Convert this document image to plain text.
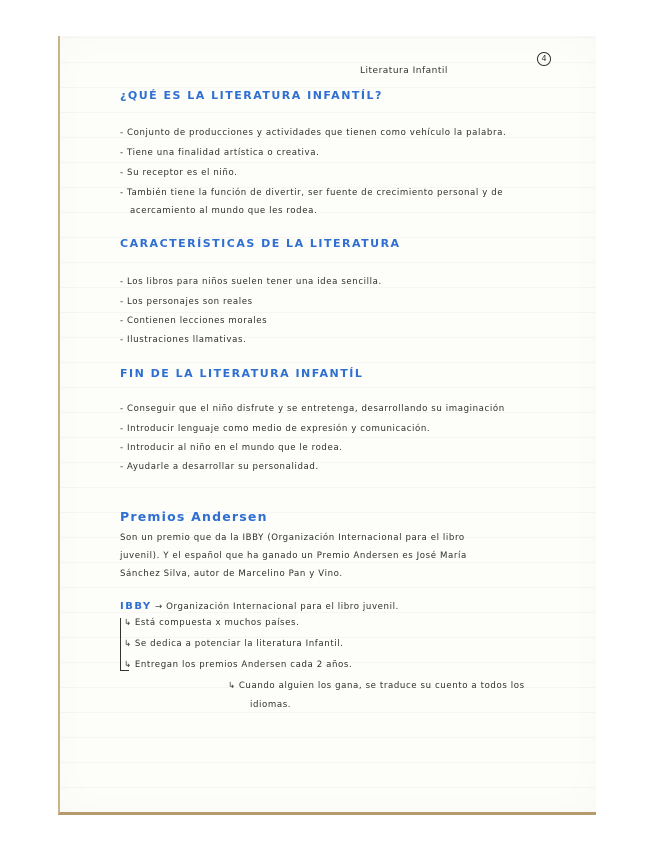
4
Literatura Infantil
¿QUÉ ES LA LITERATURA INFANTÍL?
- Conjunto de producciones y actividades que tienen como vehículo la palabra.
- Tiene una finalidad artística o creativa.
- Su receptor es el niño.
- También tiene la función de divertir, ser fuente de crecimiento personal y de
acercamiento al mundo que les rodea.
CARACTERÍSTICAS DE LA LITERATURA
- Los libros para niños suelen tener una idea sencilla.
- Los personajes son reales
- Contienen lecciones morales
- Ilustraciones llamativas.
FIN DE LA LITERATURA INFANTÍL
- Conseguir que el niño disfrute y se entretenga, desarrollando su imaginación
- Introducir lenguaje como medio de expresión y comunicación.
- Introducir al niño en el mundo que le rodea.
- Ayudarle a desarrollar su personalidad.
Premios Andersen
Son un premio que da la IBBY (Organización Internacional para el libro
juvenil). Y el español que ha ganado un Premio Andersen es José María
Sánchez Silva, autor de Marcelino Pan y Vino.
IBBY → Organización Internacional para el libro juvenil.
↳ Está compuesta x muchos países.
↳ Se dedica a potenciar la literatura Infantil.
↳ Entregan los premios Andersen cada 2 años.
↳ Cuando alguien los gana, se traduce su cuento a todos los
idiomas.
